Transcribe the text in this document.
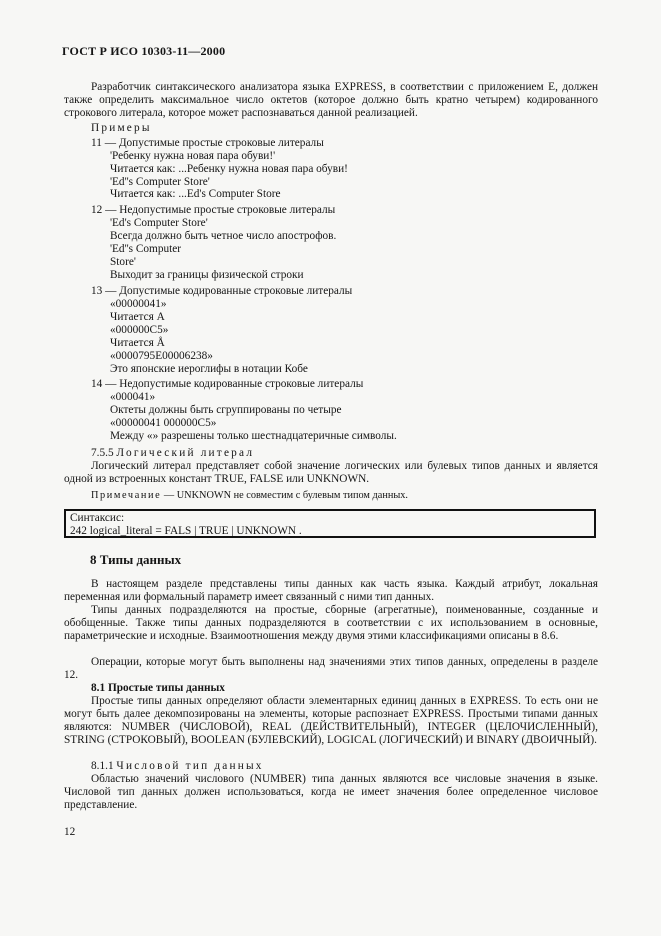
ГОСТ Р ИСО 10303-11—2000
Разработчик синтаксического анализатора языка EXPRESS, в соответствии с приложением Е, должен также определить максимальное число октетов (которое должно быть кратно четырем) кодированного строкового литерала, которое может распознаваться данной реализацией.
Примеры
11 — Допустимые простые строковые литералы
'Ребенку нужна новая пара обуви!'
Читается как: ...Ребенку нужна новая пара обуви!
'Ed''s Computer Store'
Читается как: ...Ed's Computer Store
12 — Недопустимые простые строковые литералы
'Ed's Computer Store'
Всегда должно быть четное число апострофов.
'Ed''s Computer
Store'
Выходит за границы физической строки
13 — Допустимые кодированные строковые литералы
«00000041»
Читается A
«000000C5»
Читается Å
«0000795E00006238»
Это японские иероглифы в нотации Кобе
14 — Недопустимые кодированные строковые литералы
«000041»
Октеты должны быть сгруппированы по четыре
«00000041 000000C5»
Между «» разрешены только шестнадцатеричные символы.
7.5.5 Логический литерал
Логический литерал представляет собой значение логических или булевых типов данных и является одной из встроенных констант TRUE, FALSE или UNKNOWN.
Примечание — UNKNOWN не совместим с булевым типом данных.
Синтаксис:
242 logical_literal = FALS | TRUE | UNKNOWN .
8 Типы данных
В настоящем разделе представлены типы данных как часть языка. Каждый атрибут, локальная переменная или формальный параметр имеет связанный с ними тип данных.
Типы данных подразделяются на простые, сборные (агрегатные), поименованные, созданные и обобщенные. Также типы данных подразделяются в соответствии с их использованием в основные, параметрические и исходные. Взаимоотношения между двумя этими классификациями описаны в 8.6.
Операции, которые могут быть выполнены над значениями этих типов данных, определены в разделе 12.
8.1 Простые типы данных
Простые типы данных определяют области элементарных единиц данных в EXPRESS. То есть они не могут быть далее декомпозированы на элементы, которые распознает EXPRESS. Простыми типами данных являются: NUMBER (ЧИСЛОВОЙ), REAL (ДЕЙСТВИТЕЛЬНЫЙ), INTEGER (ЦЕЛОЧИСЛЕННЫЙ), STRING (СТРОКОВЫЙ), BOOLEAN (БУЛЕВСКИЙ), LOGICAL (ЛОГИЧЕСКИЙ) И BINARY (ДВОИЧНЫЙ).
8.1.1 Числовой тип данных
Областью значений числового (NUMBER) типа данных являются все числовые значения в языке. Числовой тип данных должен использоваться, когда не имеет значения более определенное числовое представление.
12
